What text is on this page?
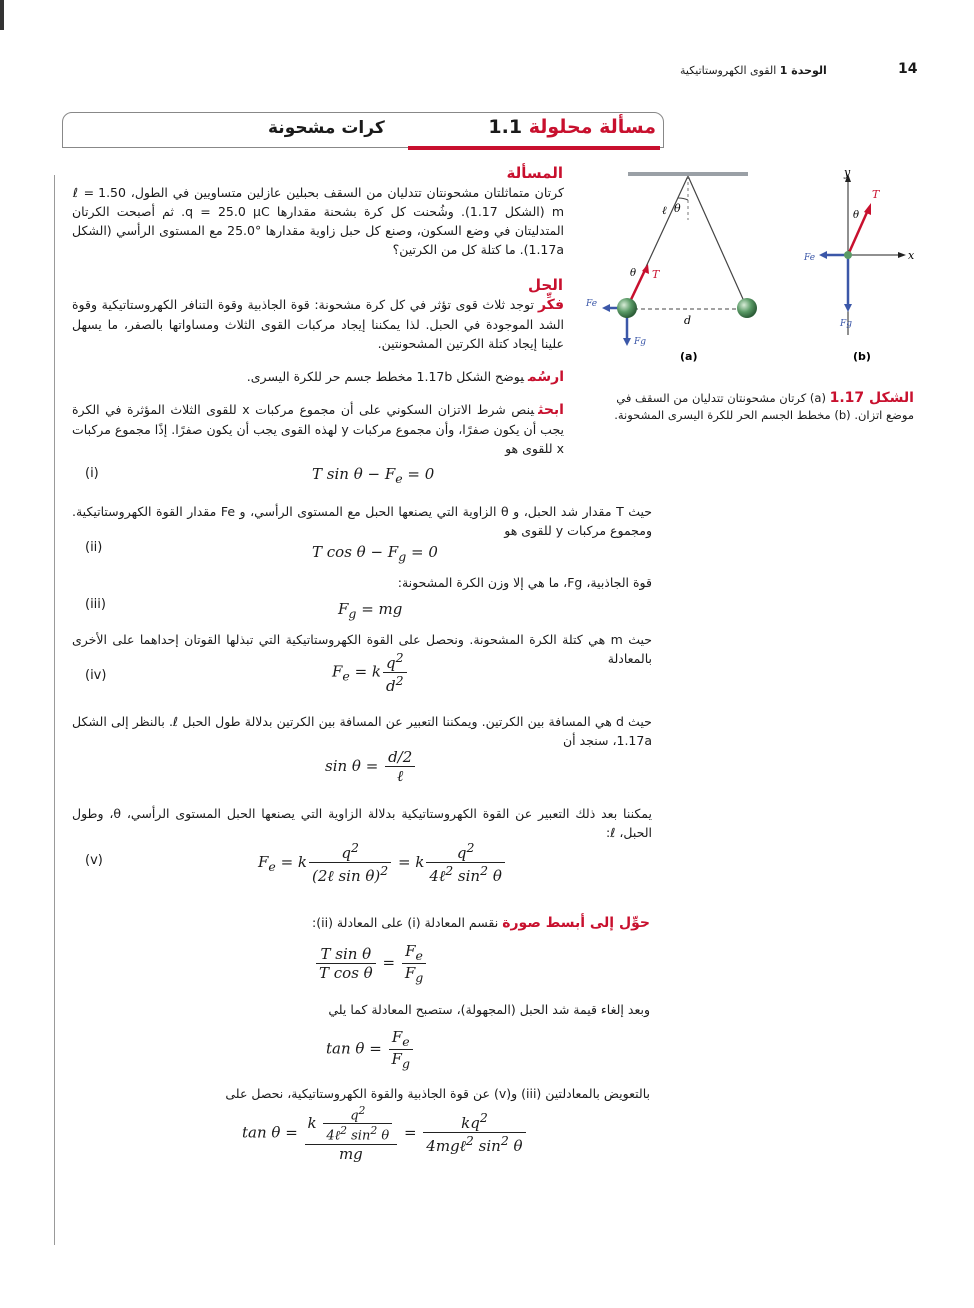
14
الوحدة 1 القوى الكهروستاتيكية
مسألة محلولة 1.1
كرات مشحونة
المسألة
كرتان متماثلتان مشحونتان تتدليان من السقف بحبلين عازلين متساويين في الطول، ℓ = 1.50 m (الشكل 1.17). وشُحنت كل كرة بشحنة مقدارها q = 25.0 μC. ثم أصبحت الكرتان المتدليتان في وضع السكون، وصنع كل حبل زاوية مقدارها °25.0 مع المستوى الرأسي (الشكل 1.17a). ما كتلة كل من الكرتين؟
الحل
فكِّرتوجد ثلاث قوى تؤثر في كل كرة مشحونة: قوة الجاذبية وقوة التنافر الكهروستاتيكية وقوة الشد الموجودة في الحبل. لذا يمكننا إيجاد مركبات القوى الثلاث ومساواتها بالصفر، ما يسهل علينا إيجاد كتلة الكرتين المشحونتين.
ارسُميوضح الشكل 1.17b مخطط جسم حر للكرة اليسرى.
ابحثينص شرط الاتزان السكوني على أن مجموع مركبات x للقوى الثلاث المؤثرة في الكرة يجب أن يكون صفرًا، وأن مجموع مركبات y لهذه القوى يجب أن يكون صفرًا. إذًا مجموع مركبات x للقوى هو
(i)	T $\sin \theta - F_e = 0$
حيث T مقدار شد الحبل، و θ الزاوية التي يصنعها الحبل مع المستوى الرأسي، و Fe مقدار القوة الكهروستاتيكية. ومجموع مركبات y للقوى هو
(ii)	T $\cos \theta - F_g = 0$
قوة الجاذبية، Fg، ما هي إلا وزن الكرة المشحونة:
(iii)	$F_g$ = mg
حيث m هي كتلة الكرة المشحونة. ونحصل على القوة الكهروستاتيكية التي تبذلها القوتان إحداهما على الأخرى بالمعادلة
(iv)	$F_e = k \frac{q^2}{d^2}$
حيث d هي المسافة بين الكرتين. ويمكننا التعبير عن المسافة بين الكرتين بدلالة طول الحبل ℓ. بالنظر إلى الشكل 1.17a، سنجد أن
$\sin \theta = \frac{d/2}{\text{ℓ}}$
يمكننا بعد ذلك التعبير عن القوة الكهروستاتيكية بدلالة الزاوية التي يصنعها الحبل المستوى الرأسي، θ، وطول الحبل، ℓ:
(v)	$F_e = k \frac{q^2}{(2\ell \sin \theta)^2} = k \frac{q^2}{4\ell^2 \sin^2 \theta}$
حوِّل إلى أبسط صورةنقسم المعادلة (i) على المعادلة (ii):
$\frac{\text{T sin θ}}{\text{T cos θ}} = \frac{F_e}{F_g}$
وبعد إلغاء قيمة شد الحبل (المجهولة)، ستصبح المعادلة كما يلي
$\tan \theta = \frac{F_e}{F_g}$
بالتعويض بالمعادلتين (iii) و(v) عن قوة الجاذبية والقوة الكهروستاتيكية، نحصل على
$\tan \theta = \frac{k \frac{q^2}{4\ell^2 \sin^2 \theta}}{mg} = \frac{kq^2}{4mg\ell^2 \sin^2 \theta}$
θ
ℓ
d
θ T
Fe
Fg
(a)
x
y
θ
T
Fe
Fg
(b)
الشكل 1.17 (a) كرتان مشحونتان تتدليان من السقف في موضع اتزان. (b) مخطط الجسم الحر للكرة اليسرى المشحونة.
